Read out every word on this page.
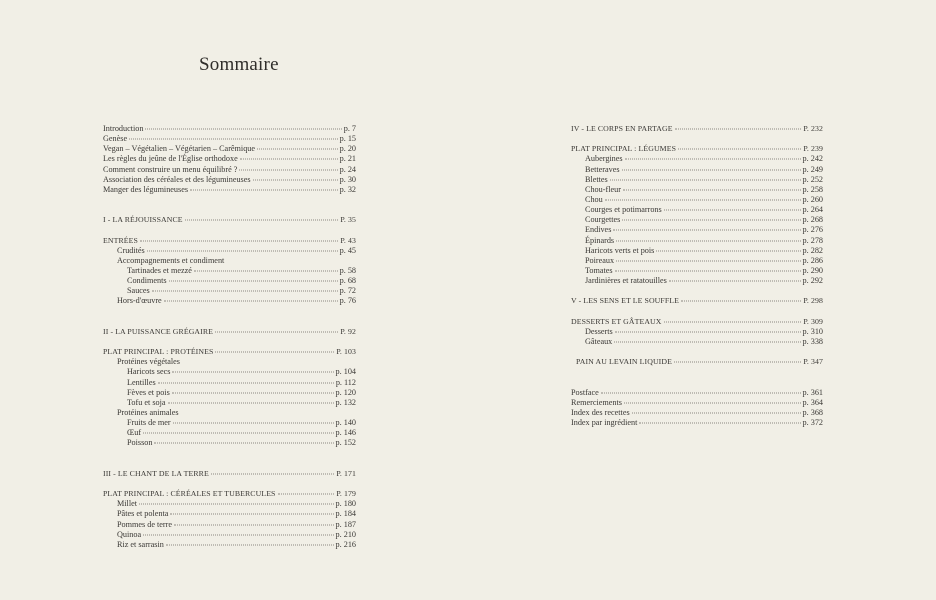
Sommaire
Introduction	p. 7
Genèse	p. 15
Vegan – Végétalien – Végétarien – Carêmique	p. 20
Les règles du jeûne de l'Église orthodoxe	p. 21
Comment construire un menu équilibré ?	p. 24
Association des céréales et des légumineuses	p. 30
Manger des légumineuses	p. 32
I - LA RÉJOUISSANCE	P. 35
ENTRÉES	P. 43
Crudités	p. 45
Accompagnements et condiment
Tartinades et mezzé	p. 58
Condiments	p. 68
Sauces	p. 72
Hors-d'œuvre	p. 76
II - LA PUISSANCE GRÉGAIRE	P. 92
PLAT PRINCIPAL : PROTÉINES	P. 103
Protéines végétales
Haricots secs	p. 104
Lentilles	p. 112
Fèves et pois	p. 120
Tofu et soja	p. 132
Protéines animales
Fruits de mer	p. 140
Œuf	p. 146
Poisson	p. 152
III - LE CHANT DE LA TERRE	P. 171
PLAT PRINCIPAL : CÉRÉALES ET TUBERCULES	P. 179
Millet	p. 180
Pâtes et polenta	p. 184
Pommes de terre	p. 187
Quinoa	p. 210
Riz et sarrasin	p. 216
IV - LE CORPS EN PARTAGE	P. 232
PLAT PRINCIPAL : LÉGUMES	P. 239
Aubergines	p. 242
Betteraves	p. 249
Blettes	p. 252
Chou-fleur	p. 258
Chou	p. 260
Courges et potimarrons	p. 264
Courgettes	p. 268
Endives	p. 276
Épinards	p. 278
Haricots verts et pois	p. 282
Poireaux	p. 286
Tomates	p. 290
Jardinières et ratatouilles	p. 292
V - LES SENS ET LE SOUFFLE	P. 298
DESSERTS ET GÂTEAUX	P. 309
Desserts	p. 310
Gâteaux	p. 338
PAIN AU LEVAIN LIQUIDE	P. 347
Postface	p. 361
Remerciements	p. 364
Index des recettes	p. 368
Index par ingrédient	p. 372
